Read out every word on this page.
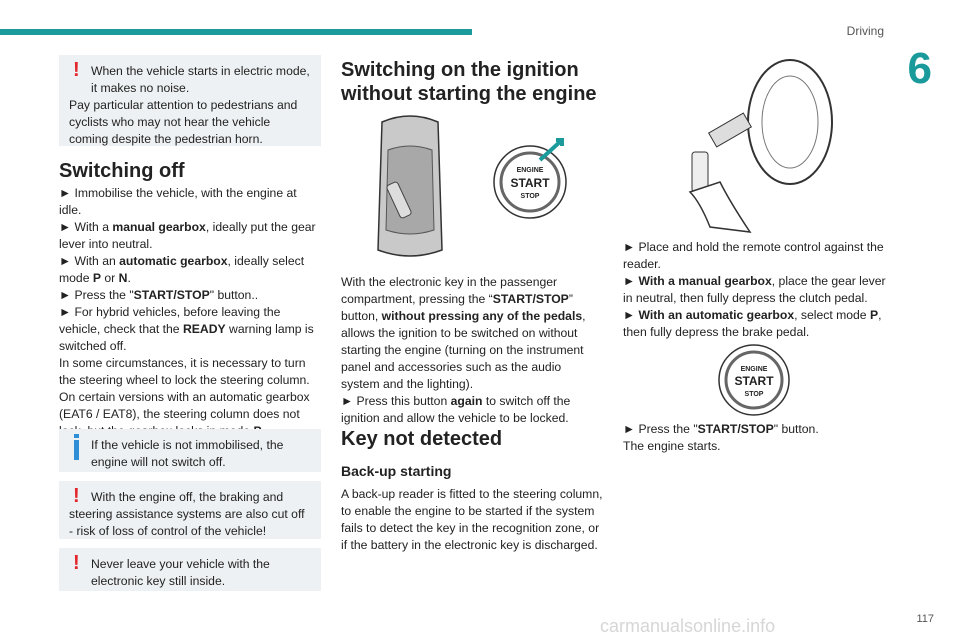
Driving
6
! When the vehicle starts in electric mode, it makes no noise.
Pay particular attention to pedestrians and cyclists who may not hear the vehicle coming despite the pedestrian horn.
Switching off

► Immobilise the vehicle, with the engine at idle.

► With a manual gearbox, ideally put the gear lever into neutral.

► With an automatic gearbox, ideally select mode P or N.

► Press the "START/STOP" button..

► For hybrid vehicles, before leaving the vehicle, check that the READY warning lamp is switched off.

In some circumstances, it is necessary to turn the steering wheel to lock the steering column.
On certain versions with an automatic gearbox (EAT6 / EAT8), the steering column does not

If the vehicle is not immobilised, the engine will not switch off.
! With the engine off, the braking and steering assistance systems are also cut off - risk of loss of control of the vehicle!
! Never leave your vehicle with the electronic key still inside.
Switching on the ignition without starting the engine
ENGINE
START
STOP
With the electronic key in the passenger compartment, pressing the “START/STOP” button, without pressing any of the pedals, allows the ignition to be switched on without starting the engine (turning on the instrument panel and accessories such as the audio system and the lighting).
► Press this button again to switch off the ignition and allow the vehicle to be locked.
Key not detected
Back-up starting
A back-up reader is fitted to the steering column, to enable the engine to be started if the system fails to detect the key in the recognition zone, or if the battery in the electronic key is discharged.

► Place and hold the remote control against the reader.

► With a manual gearbox, place the gear lever in neutral, then fully depress the clutch pedal.

► With an automatic gearbox, select mode P, then fully depress the brake pedal.

ENGINE
START
STOP

► Press the "START/STOP" button.

The engine starts.

117
carmanualsonline.info
